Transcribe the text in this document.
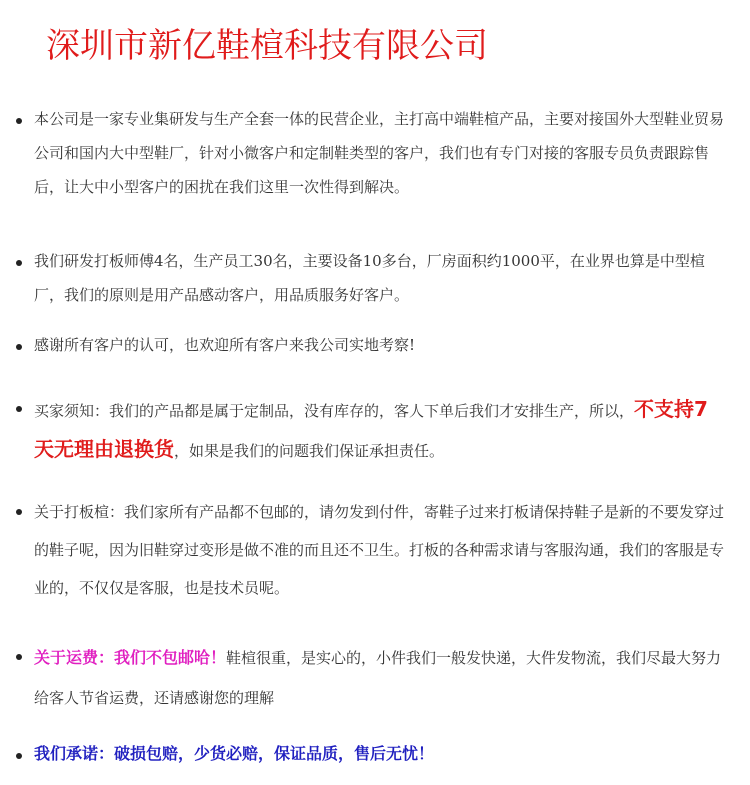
深圳市新亿鞋楦科技有限公司
本公司是一家专业集研发与生产全套一体的民营企业，主打高中端鞋楦产品，主要对接国外大型鞋业贸易公司和国内大中型鞋厂，针对小微客户和定制鞋类型的客户，我们也有专门对接的客服专员负责跟踪售后，让大中小型客户的困扰在我们这里一次性得到解决。
我们研发打板师傅4名，生产员工30名，主要设备10多台，厂房面积约1000平，在业界也算是中型楦厂，我们的原则是用产品感动客户，用品质服务好客户。
感谢所有客户的认可，也欢迎所有客户来我公司实地考察!
买家须知：我们的产品都是属于定制品，没有库存的，客人下单后我们才安排生产，所以，不支持7天无理由退换货，如果是我们的问题我们保证承担责任。
关于打板楦：我们家所有产品都不包邮的，请勿发到付件，寄鞋子过来打板请保持鞋子是新的不要发穿过的鞋子呢，因为旧鞋穿过变形是做不准的而且还不卫生。打板的各种需求请与客服沟通，我们的客服是专业的，不仅仅是客服，也是技术员呢。
关于运费：我们不包邮哈！鞋楦很重，是实心的，小件我们一般发快递，大件发物流，我们尽最大努力给客人节省运费，还请感谢您的理解
我们承诺：破损包赔，少货必赔，保证品质，售后无忧！
